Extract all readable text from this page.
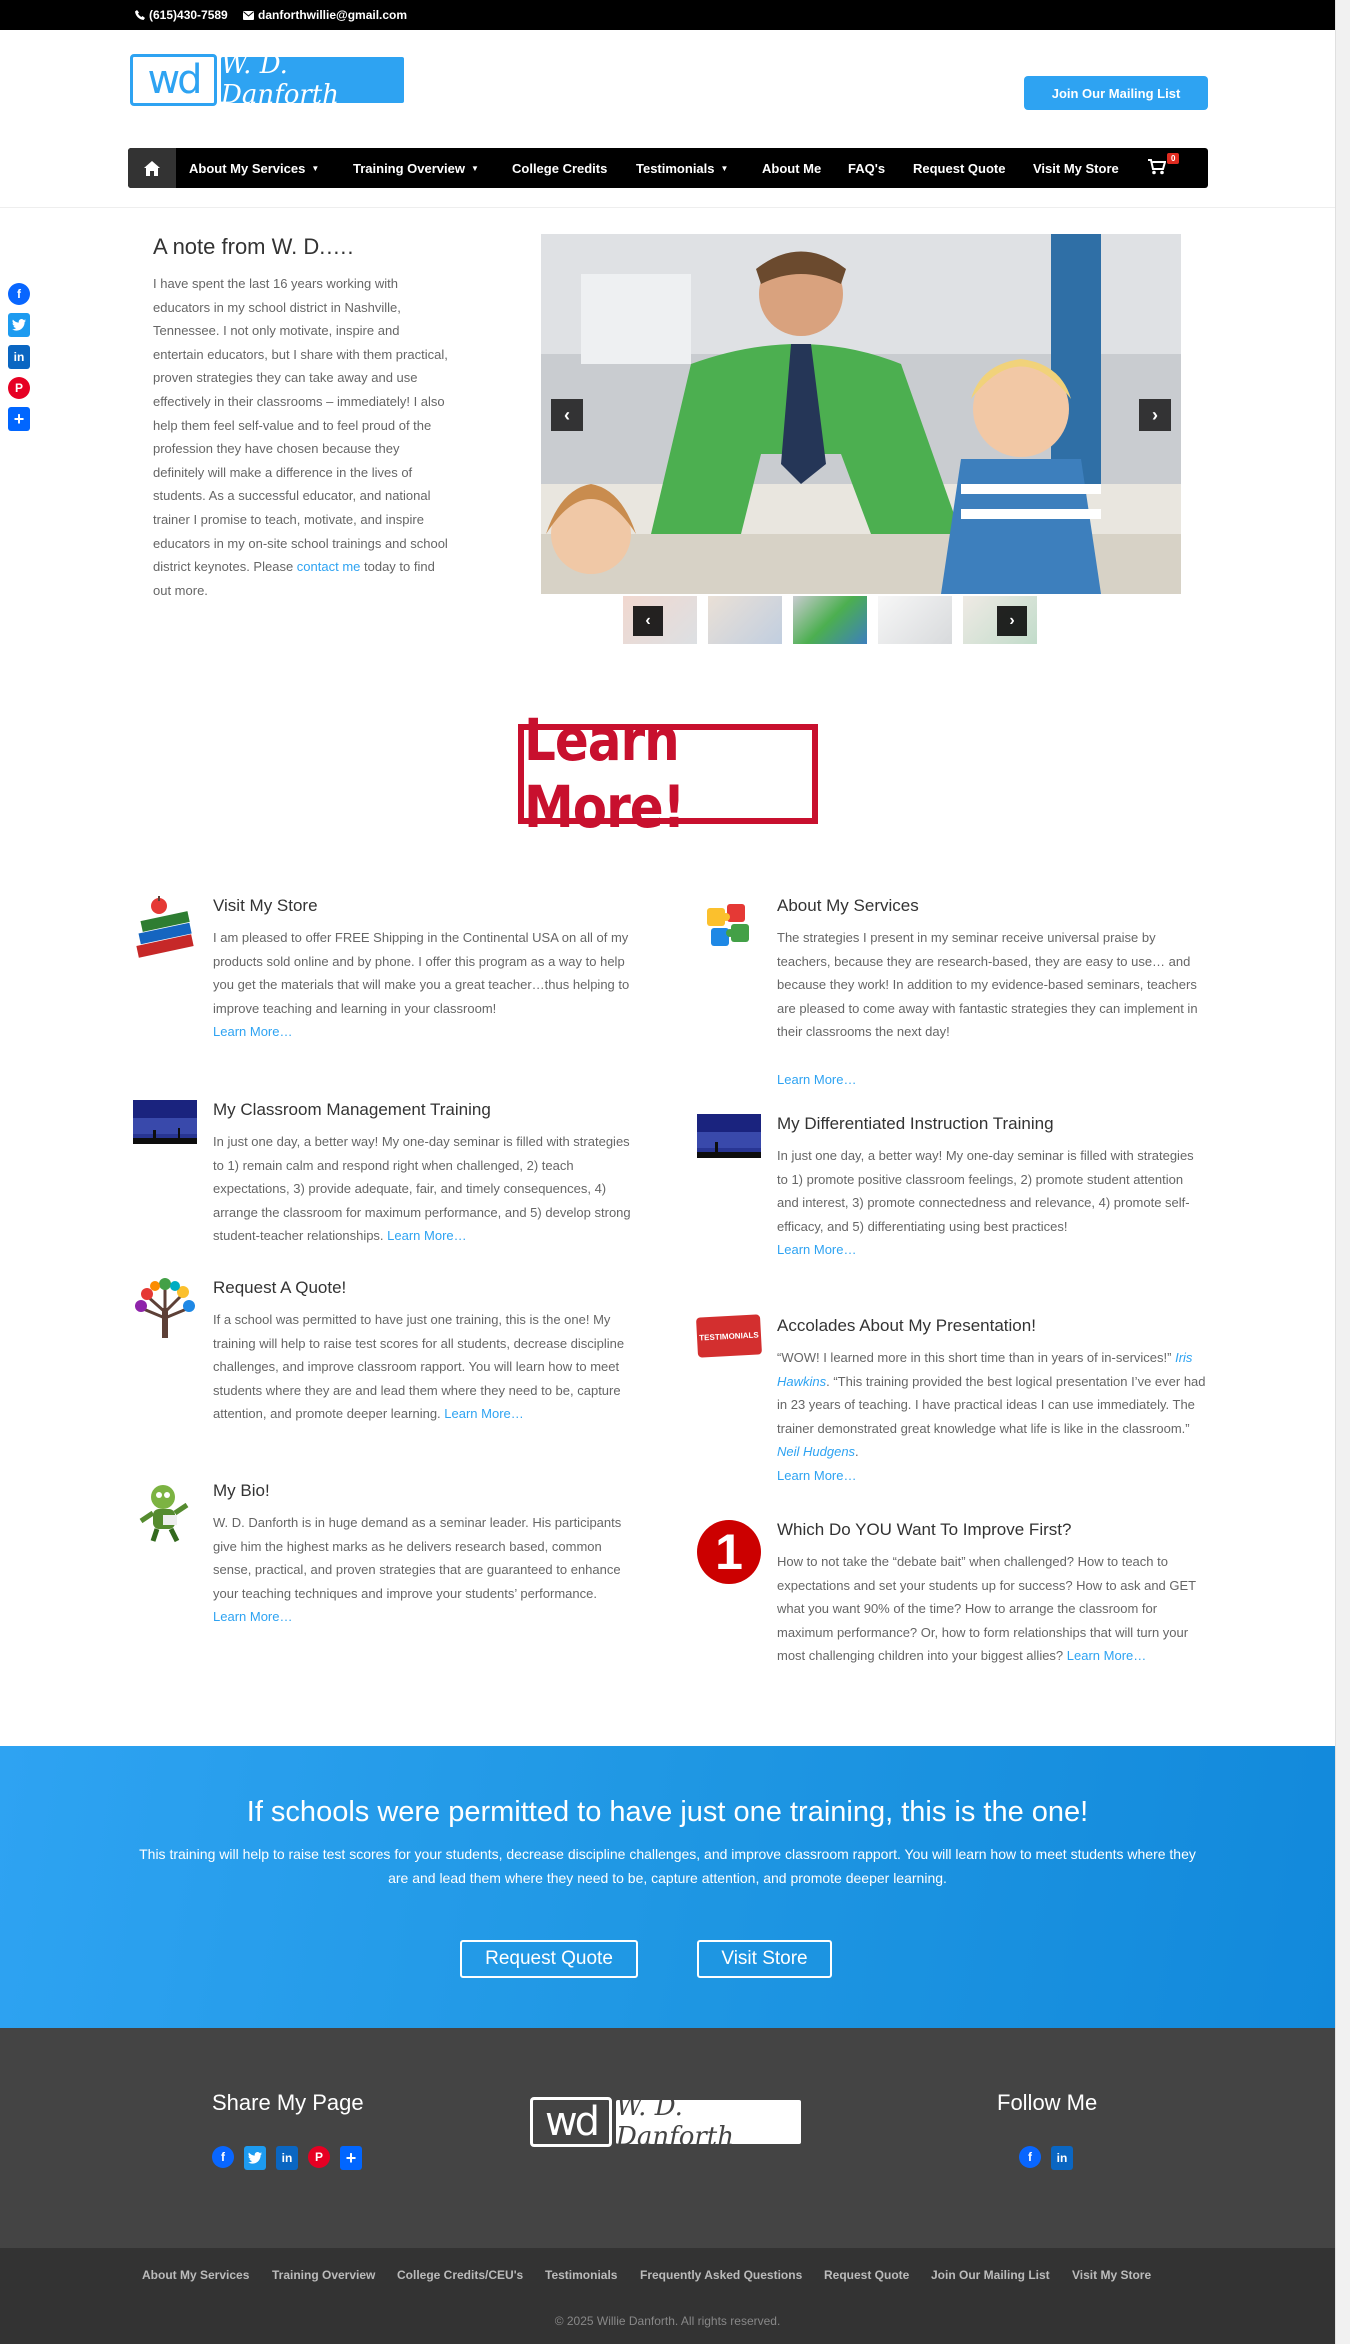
(615)430-7589	danforthwillie@gmail.com
wd W. D. Danforth	Join Our Mailing List
About My Services ▼	Training Overview ▼	College Credits Testimonials ▼	About Me FAQ's Request Quote Visit My Store
0
f
in
P
+
A note from W. D.….
I have spent the last 16 years working with educators in my school district in Nashville, Tennessee. I not only motivate, inspire and entertain educators, but I share with them practical, proven strategies they can take away and use effectively in their classrooms – immediately! I also help them feel self-value and to feel proud of the profession they have chosen because they definitely will make a difference in the lives of students. As a successful educator, and national trainer I promise to teach, motivate, and inspire educators in my on-site school trainings and school district keynotes. Please contact me today to find out more.
‹	›
‹	›
Learn More!
Visit My Store
I am pleased to offer FREE Shipping in the Continental USA on all of my products sold online and by phone. I offer this program as a way to help you get the materials that will make you a great teacher…thus helping to improve teaching and learning in your classroom!
Learn More…
My Classroom Management Training
In just one day, a better way! My one-day seminar is filled with strategies to 1) remain calm and respond right when challenged, 2) teach expectations, 3) provide adequate, fair, and timely consequences, 4) arrange the classroom for maximum performance, and 5) develop strong student-teacher relationships. Learn More…
Request A Quote!
If a school was permitted to have just one training, this is the one! My training will help to raise test scores for all students, decrease discipline challenges, and improve classroom rapport. You will learn how to meet students where they are and lead them where they need to be, capture attention, and promote deeper learning. Learn More…
My Bio!
W. D. Danforth is in huge demand as a seminar leader. His participants give him the highest marks as he delivers research based, common sense, practical, and proven strategies that are guaranteed to enhance your teaching techniques and improve your students’ performance.
Learn More…
About My Services
The strategies I present in my seminar receive universal praise by teachers, because they are research-based, they are easy to use… and because they work! In addition to my evidence-based seminars, teachers are pleased to come away with fantastic strategies they can implement in their classrooms the next day!

Learn More…
My Differentiated Instruction Training
In just one day, a better way! My one-day seminar is filled with strategies to 1) promote positive classroom feelings, 2) promote student attention and interest, 3) promote connectedness and relevance, 4) promote self-efficacy, and 5) differentiating using best practices!
Learn More…
TESTIMONIALS
Accolades About My Presentation!
“WOW! I learned more in this short time than in years of in-services!” Iris Hawkins. “This training provided the best logical presentation I’ve ever had in 23 years of teaching. I have practical ideas I can use immediately. The trainer demonstrated great knowledge what life is like in the classroom.” Neil Hudgens.
Learn More…
1	Which Do YOU Want To Improve First?
How to not take the “debate bait” when challenged? How to teach to expectations and set your students up for success? How to ask and GET what you want 90% of the time? How to arrange the classroom for maximum performance? Or, how to form relationships that will turn your most challenging children into your biggest allies? Learn More…
If schools were permitted to have just one training, this is the one!
This training will help to raise test scores for your students, decrease discipline challenges, and improve classroom rapport. You will learn how to meet students where they are and lead them where they need to be, capture attention, and promote deeper learning.
Request Quote	Visit Store
Share My Page
f	in	P	+
wd W. D. Danforth
Follow Me
f	in
About My Services Training Overview College Credits/CEU's Testimonials Frequently Asked Questions Request Quote Join Our Mailing List Visit My Store
© 2025 Willie Danforth. All rights reserved.
